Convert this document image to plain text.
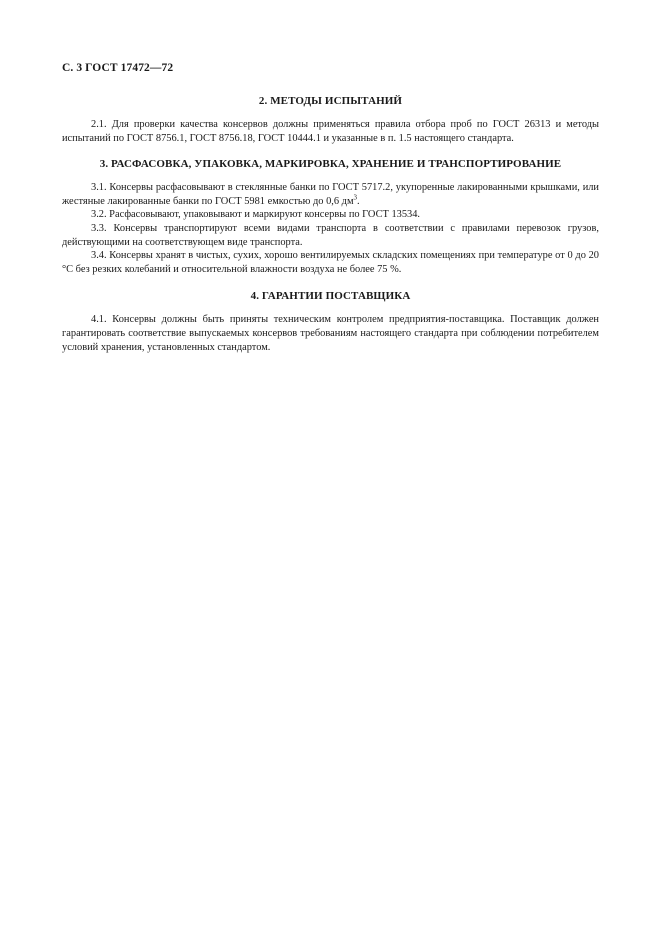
С. 3 ГОСТ 17472—72
2. МЕТОДЫ ИСПЫТАНИЙ

2.1. Для проверки качества консервов должны применяться правила отбора проб по ГОСТ 26313 и методы испытаний по ГОСТ 8756.1, ГОСТ 8756.18, ГОСТ 10444.1 и указанные в п. 1.5 настоящего стандарта.

3. РАСФАСОВКА, УПАКОВКА, МАРКИРОВКА, ХРАНЕНИЕ И ТРАНСПОРТИРОВАНИЕ

3.1. Консервы расфасовывают в стеклянные банки по ГОСТ 5717.2, укупоренные лакированными крышками, или жестяные лакированные банки по ГОСТ 5981 емкостью до 0,6 $дм^3$.

3.2. Расфасовывают, упаковывают и маркируют консервы по ГОСТ 13534.

3.3. Консервы транспортируют всеми видами транспорта в соответствии с правилами перевозок грузов, действующими на соответствующем виде транспорта.

3.4. Консервы хранят в чистых, сухих, хорошо вентилируемых складских помещениях при температуре от 0 до 20 °С без резких колебаний и относительной влажности воздуха не более 75 %.

4. ГАРАНТИИ ПОСТАВЩИКА

4.1. Консервы должны быть приняты техническим контролем предприятия-поставщика. Поставщик должен гарантировать соответствие выпускаемых консервов требованиям настоящего стандарта при соблюдении потребителем условий хранения, установленных стандартом.
